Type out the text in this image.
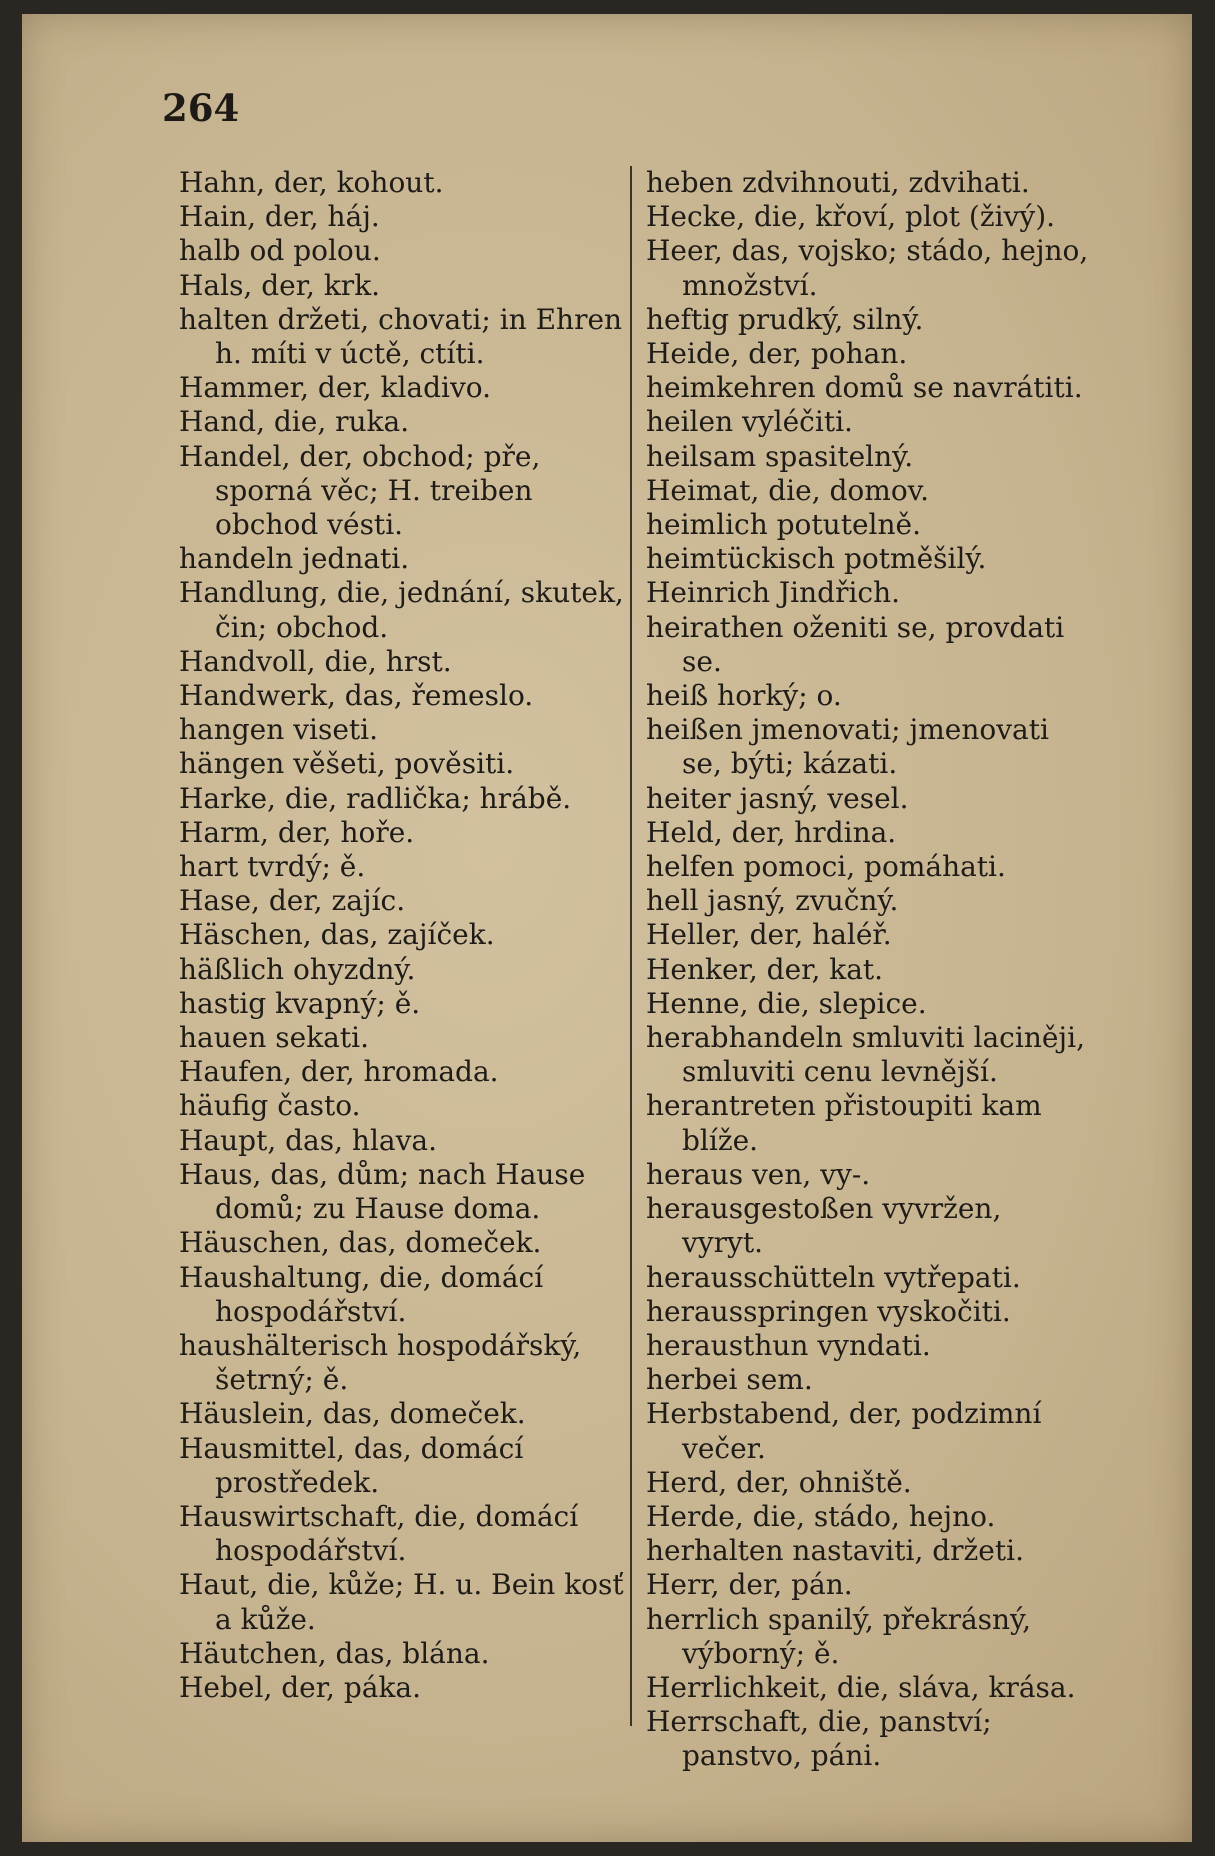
264

Hahn, der, kohout.

Hain, der, háj.

halb od polou.

Hals, der, krk.

halten držeti, chovati; in Ehren h. míti v úctě, ctíti.

Hammer, der, kladivo.

Hand, die, ruka.

Handel, der, obchod; pře, sporná věc; H. treiben obchod vésti.

handeln jednati.

Handlung, die, jednání, skutek, čin; obchod.

Handvoll, die, hrst.

Handwerk, das, řemeslo.

hangen viseti.

hängen věšeti, pověsiti.

Harke, die, radlička; hrábě.

Harm, der, hoře.

hart tvrdý; ě.

Hase, der, zajíc.

Häschen, das, zajíček.

häßlich ohyzdný.

hastig kvapný; ě.

hauen sekati.

Haufen, der, hromada.

häufig často.

Haupt, das, hlava.

Haus, das, dům; nach Hause domů; zu Hause doma.

Häuschen, das, domeček.

Haushaltung, die, domácí hospodářství.

haushälterisch hospodářský, šetrný; ě.

Häuslein, das, domeček.

Hausmittel, das, domácí prostředek.

Hauswirtschaft, die, domácí hospodářství.

Haut, die, kůže; H. u. Bein kosť a kůže.

Häutchen, das, blána.

Hebel, der, páka.

heben zdvihnouti, zdvihati.

Hecke, die, křoví, plot (živý).

Heer, das, vojsko; stádo, hejno, množství.

heftig prudký, silný.

Heide, der, pohan.

heimkehren domů se navrátiti.

heilen vyléčiti.

heilsam spasitelný.

Heimat, die, domov.

heimlich potutelně.

heimtückisch potměšilý.

Heinrich Jindřich.

heirathen oženiti se, provdati se.

heiß horký; o.

heißen jmenovati; jmenovati se, býti; kázati.

heiter jasný, vesel.

Held, der, hrdina.

helfen pomoci, pomáhati.

hell jasný, zvučný.

Heller, der, haléř.

Henker, der, kat.

Henne, die, slepice.

herabhandeln smluviti laciněji, smluviti cenu levnější.

herantreten přistoupiti kam blíže.

heraus ven, vy-.

herausgestoßen vyvržen, vyryt.

herausschütteln vytřepati.

herausspringen vyskočiti.

herausthun vyndati.

herbei sem.

Herbstabend, der, podzimní večer.

Herd, der, ohniště.

Herde, die, stádo, hejno.

herhalten nastaviti, držeti.

Herr, der, pán.

herrlich spanilý, překrásný, výborný; ě.

Herrlichkeit, die, sláva, krása.

Herrschaft, die, panství; panstvo, páni.
